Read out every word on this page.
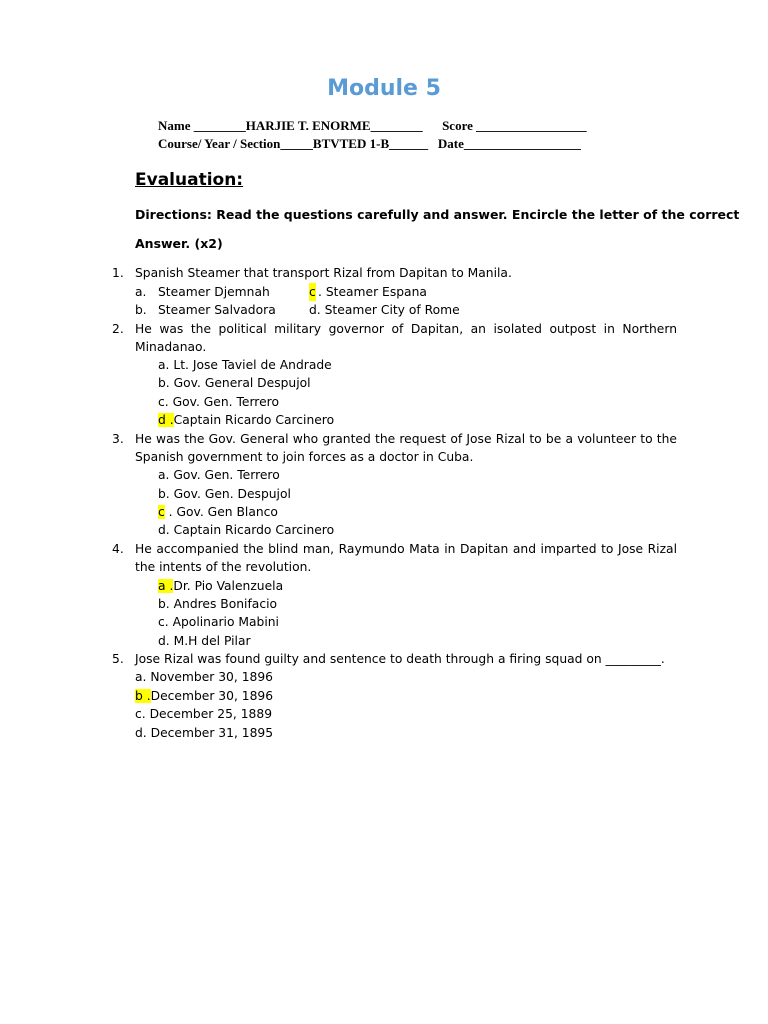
Module 5
Name ________HARJIE T. ENORME________      Score _________________
Course/ Year / Section_____BTVTED 1-B______   Date__________________
Evaluation:
Directions: Read the questions carefully and answer. Encircle the letter of the correct
Answer. (x2)
1. Spanish Steamer that transport Rizal from Dapitan to Manila.
a. Steamer Djemnah	c . Steamer Espana
b. Steamer Salvadora	d. Steamer City of Rome
2. He was the political military governor of Dapitan, an isolated outpost in Northern Minadanao.
a. Lt. Jose Taviel de Andrade
b. Gov. General Despujol
c. Gov. Gen. Terrero
d .Captain Ricardo Carcinero
3. He was the Gov. General who granted the request of Jose Rizal to be a volunteer to the Spanish government to join forces as a doctor in Cuba.
a. Gov. Gen. Terrero
b. Gov. Gen. Despujol
c . Gov. Gen Blanco
d. Captain Ricardo Carcinero
4. He accompanied the blind man, Raymundo Mata in Dapitan and imparted to Jose Rizal the intents of the revolution.
a .Dr. Pio Valenzuela
b. Andres Bonifacio
c. Apolinario Mabini
d. M.H del Pilar
5. Jose Rizal was found guilty and sentence to death through a firing squad on _________.
a. November 30, 1896
b .December 30, 1896
c. December 25, 1889
d. December 31, 1895
